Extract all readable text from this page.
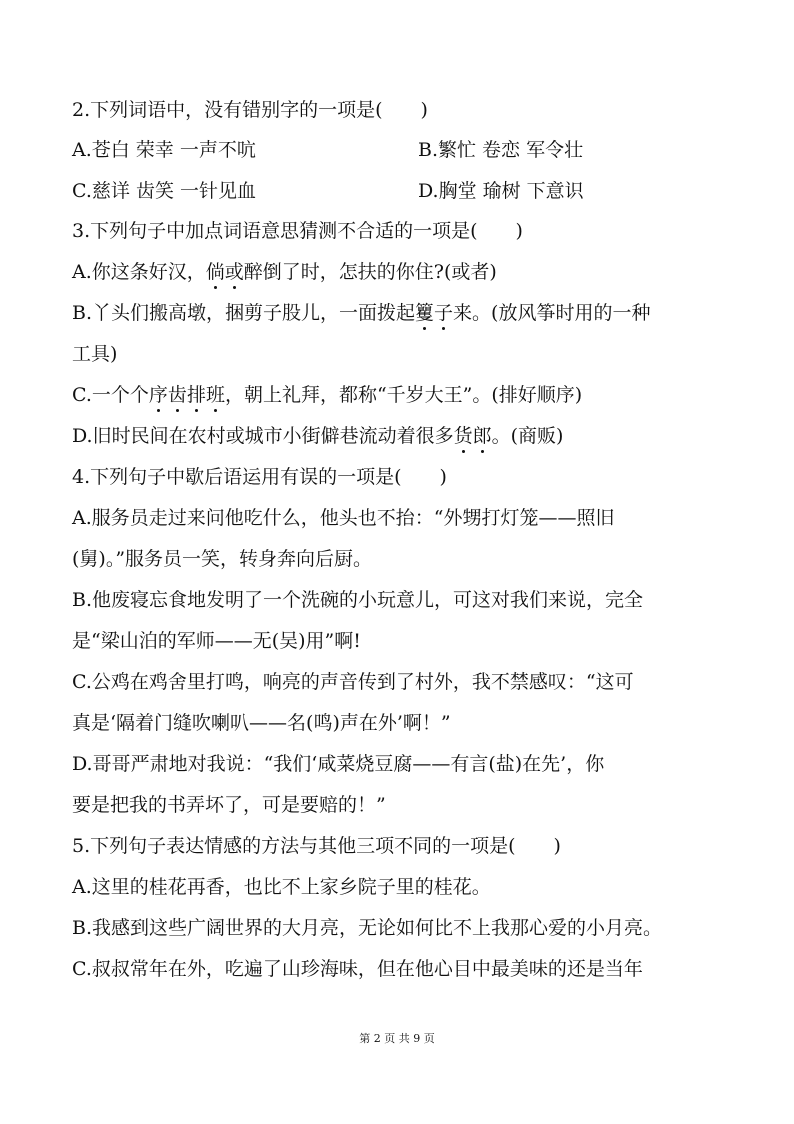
2.下列词语中，没有错别字的一项是(　　)
A.苍白 荣幸 一声不吭	B.繁忙 卷恋 军令壮
C.慈详 齿笑 一针见血	D.胸堂 瑜树 下意识
3.下列句子中加点词语意思猜测不合适的一项是(　　)
A.你这条好汉，倘或醉倒了时，怎扶的你住?(或者)
B.丫头们搬高墩，捆剪子股儿，一面拨起籰子来。(放风筝时用的一种
工具)
C.一个个序齿排班，朝上礼拜，都称“千岁大王”。(排好顺序)
D.旧时民间在农村或城市小街僻巷流动着很多货郎。(商贩)
4.下列句子中歇后语运用有误的一项是(　　)
A.服务员走过来问他吃什么，他头也不抬：“外甥打灯笼——照旧
(舅)。”服务员一笑，转身奔向后厨。
B.他废寝忘食地发明了一个洗碗的小玩意儿，可这对我们来说，完全
是“梁山泊的军师——无(吴)用”啊!
C.公鸡在鸡舍里打鸣，响亮的声音传到了村外，我不禁感叹：“这可
真是‘隔着门缝吹喇叭——名(鸣)声在外’啊！”
D.哥哥严肃地对我说：“我们‘咸菜烧豆腐——有言(盐)在先’，你
要是把我的书弄坏了，可是要赔的！”
5.下列句子表达情感的方法与其他三项不同的一项是(　　)
A.这里的桂花再香，也比不上家乡院子里的桂花。
B.我感到这些广阔世界的大月亮，无论如何比不上我那心爱的小月亮。
C.叔叔常年在外，吃遍了山珍海味，但在他心目中最美味的还是当年
第 2 页 共 9 页
